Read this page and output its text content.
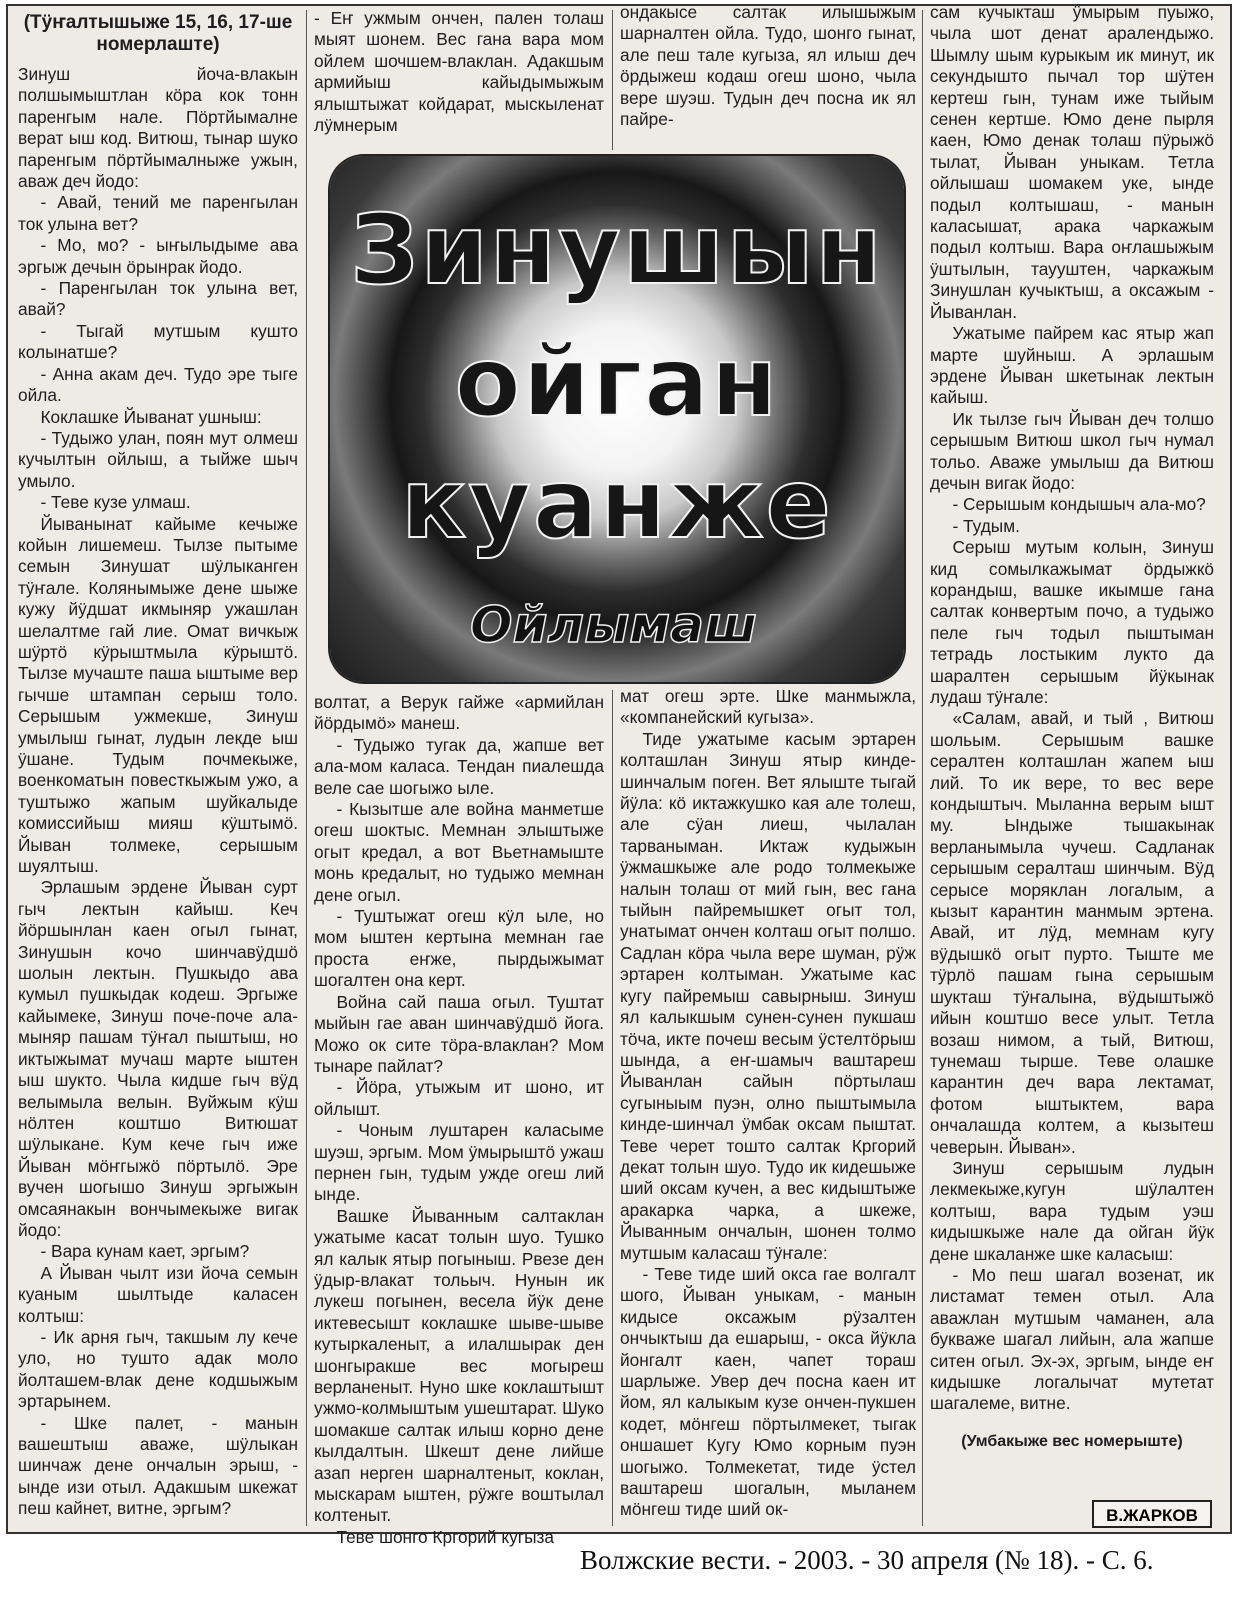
(Тӱҥалтышыже 15, 16, 17-ше номерлаште)

Зинуш йоча-влакын полшымыштлан кӧра кок тонн паренгым нале. Пӧртйымалне верат ыш код. Витюш, тынар шуко паренгым пӧртйымалныже ужын, аваж деч йодо:

- Авай, тений ме паренгылан ток улына вет?

- Мо, мо? - ыҥылыдыме ава эргыж дечын ӧрынрак йодо.

- Паренгылан ток улына вет, авай?

- Тыгай мутшым кушто колынатше?

- Анна акам деч. Тудо эре тыге ойла.

Коклашке Йыванат ушныш:

- Тудыжо улан, поян мут олмеш кучылтын ойлыш, а тыйже шыч умыло.

- Теве кузе улмаш.

Йыванынат кайыме кечыже койын лишемеш. Тылзе пытыме семын Зинушат шӱлыканген тӱҥале. Колянымыже дене шыже кужу йӱдшат икмыняр ужашлан шелалтме гай лие. Омат вичкыж шӱртӧ кӱрыштмыла кӱрыштӧ. Тылзе мучаште паша ыштыме вер гычше штампан серыш толо. Серышым ужмекше, Зинуш умылыш гынат, лудын лекде ыш ӱшане. Тудым почмекыже, военкоматын повесткыжым ужо, а туштыжо жапым шуйкалыде комиссийыш мияш кӱштымӧ. Йыван толмеке, серышым шуялтыш.

Эрлашым эрдене Йыван сурт гыч лектын кайыш. Кеч йӧршынлан каен огыл гынат, Зинушын кочо шинчавӱдшӧ шолын лектын. Пушкыдо ава кумыл пушкыдак кодеш. Эргыже кайымеке, Зинуш поче-поче ала-мыняр пашам тӱҥал пыштыш, но иктыжымат мучаш марте ыштен ыш шукто. Чыла кидше гыч вӱд велымыла велын. Вуйжым кӱш нӧлтен коштшо Витюшат шӱлыкане. Кум кече гыч иже Йыван мӧҥгыжӧ пӧртылӧ. Эре вучен шогышо Зинуш эргыжын омсаянакын вончымекыже вигак йодо:

- Вара кунам кает, эргым?

А Йыван чылт изи йоча семын куаным шылтыде каласен колтыш:

- Ик арня гыч, такшым лу кече уло, но тушто адак моло йолташем-влак дене кодшыжым эртарынем.

- Шке палет, - манын вашештыш аваже, шӱлыкан шинчаж дене ончалын эрыш, - ынде изи отыл. Адакшым шкежат пеш кайнет, витне, эргым?

- Еҥ ужмым ончен, пален толаш мыят шонем. Вес гана вара мом ойлем шочшем-влаклан. Адакшым армийыш кайыдымыжым ялыштыжат койдарат, мыскыленат лӱмнерым

ондакысе салтак илышыжым шарналтен ойла. Тудо, шонго гынат, але пеш тале кугыза, ял илыш деч ӧрдыжеш кодаш огеш шоно, чыла вере шуэш. Тудын деч посна ик ял пайре-

Зинушын
ойган
куанже
Ойлымаш

сам кучыкташ ӱмырым пуыжо, чыла шот денат аралендыжо. Шымлу шым курыкым ик минут, ик секундышто пычал тор шӱтен кертеш гын, тунам иже тыйым сенен кертше. Юмо дене пырля каен, Юмо денак толаш пӱрыжӧ тылат, Йыван уныкам. Тетла ойлышаш шомакем уке, ынде подыл колтышаш, - манын каласышат, арака чаркажым подыл колтыш. Вара оҥлашыжым ӱштылын, таууштен, чаркажым Зинушлан кучыктыш, а оксажым - Йыванлан.

Ужатыме пайрем кас ятыр жап марте шуйныш. А эрлашым эрдене Йыван шкетынак лектын кайыш.

Ик тылзе гыч Йыван деч толшо серышым Витюш школ гыч нумал тольо. Аваже умылыш да Витюш дечын вигак йодо:

- Серышым кондышыч ала-мо?

- Тудым.

Серыш мутым колын, Зинуш кид сомылкажымат ӧрдыжкӧ корандыш, вашке икымше гана салтак конвертым почо, а тудыжо пеле гыч тодыл пыштыман тетрадь лостыким лукто да шаралтен серышым йӱкынак лудаш тӱҥале:

«Салам, авай, и тый , Витюш шольым. Серышым вашке сералтен колташлан жапем ыш лий. То ик вере, то вес вере кондыштыч. Мыланна верым ышт му. Ындыже тышакынак верланымыла чучеш. Садланак серышым сералташ шинчым. Вӱд серысе моряклан логалым, а кызыт карантин манмым эртена. Авай, ит лӱд, мемнам кугу вӱдышкӧ огыт пурто. Тыште ме тӱрлӧ пашам гына серышым шукташ тӱҥалына, вӱдыштыжӧ ийын коштшо весе улыт. Тетла возаш нимом, а тый, Витюш, тунемаш тырше. Теве олашке карантин деч вара лектамат, фотом ыштыктем, вара ончалашда колтем, а кызытеш чеверын. Йыван».

Зинуш серышым лудын лекмекыже,кугун шӱлалтен колтыш, вара тудым уэш кидышкыже нале да ойган йӱк дене шкаланже шке каласыш:

- Мо пеш шагал возенат, ик листамат темен отыл. Ала аважлан мутшым чаманен, ала букваже шагал лийын, ала жапше ситен огыл. Эх-эх, эргым, ынде еҥ кидышке логалычат мутетат шагалеме, витне.

(Умбакыже вес номерыште)

волтат, а Верук гайже «армийлан йӧрдымӧ» манеш.

- Тудыжо тугак да, жапше вет ала-мом каласа. Тендан пиалешда веле сае шогыжо ыле.

- Кызытше але война манметше огеш шоктыс. Мемнан элыштыже огыт кредал, а вот Вьетнамыште монь кредалыт, но тудыжо мемнан дене огыл.

- Туштыжат огеш кӱл ыле, но мом ыштен кертына мемнан гае проста еҥже, пырдыжымат шогалтен она керт.

Война сай паша огыл. Туштат мыйын гае аван шинчавӱдшӧ йога. Можо ок сите тӧра-влаклан? Мом тынаре пайлат?

- Йӧра, утыжым ит шоно, ит ойлышт.

- Чоным луштарен каласыме шуэш, эргым. Мом ӱмырыштӧ ужаш пернен гын, тудым ужде огеш лий ынде.

Вашке Йыванным салтаклан ужатыме касат толын шуо. Тушко ял калык ятыр погыныш. Рвезе ден ӱдыр-влакат тольыч. Нунын ик лукеш погынен, весела йӱк дене иктевесышт коклашке шыве-шыве кутыркаленыт, а илалшырак ден шонгыракше вес могыреш верланеныт. Нуно шке коклаштышт ужмо-колмыштым ушештарат. Шуко шомакше салтак илыш корно дене кылдалтын. Шкешт дене лийше азап нерген шарналтеныт, коклан, мыскарам ыштен, рӱжге воштылал колтеныт.

Теве шонго Кргорий кугыза

мат огеш эрте. Шке манмыжла, «компанейский кугыза».

Тиде ужатыме касым эртарен колташлан Зинуш ятыр кинде-шинчалым поген. Вет ялыште тыгай йӱла: кӧ иктажкушко кая але толеш, але сӱан лиеш, чылалан тарваныман. Иктаж кудыжын ӱжмашкыже але родо толмекыже налын толаш от мий гын, вес гана тыйын пайремышкет огыт тол, унатымат ончен колташ огыт полшо. Садлан кӧра чыла вере шуман, рӱж эртарен колтыман. Ужатыме кас кугу пайремыш савырныш. Зинуш ял калыкшым сунен-сунен пукшаш тӧча, икте почеш весым ӱстелтӧрыш шында, а еҥ-шамыч ваштареш Йыванлан сайын пӧртылаш сугыныым пуэн, олно пыштымыла кинде-шинчал ӱмбак оксам пыштат. Теве черет тошто салтак Кргорий декат толын шуо. Тудо ик кидешыже ший оксам кучен, а вес кидыштыже аракарка чарка, а шкеже, Йыванным ончалын, шонен толмо мутшым каласаш тӱҥале:

- Теве тиде ший окса гае волгалт шого, Йыван уныкам, - манын кидысе оксажым рӱзалтен ончыктыш да ешарыш, - окса йӱкла йонгалт каен, чапет тораш шарлыже. Увер деч посна каен ит йом, ял калыкым кузе ончен-пукшен кодет, мӧнгеш пӧртылмекет, тыгак оншашет Кугу Юмо корным пуэн шогыжо. Толмекетат, тиде ӱстел ваштареш шогалын, мыланем мӧнгеш тиде ший ок-	В.ЖАРКОВ
Волжские вести. - 2003. - 30 апреля (№ 18). - С. 6.
